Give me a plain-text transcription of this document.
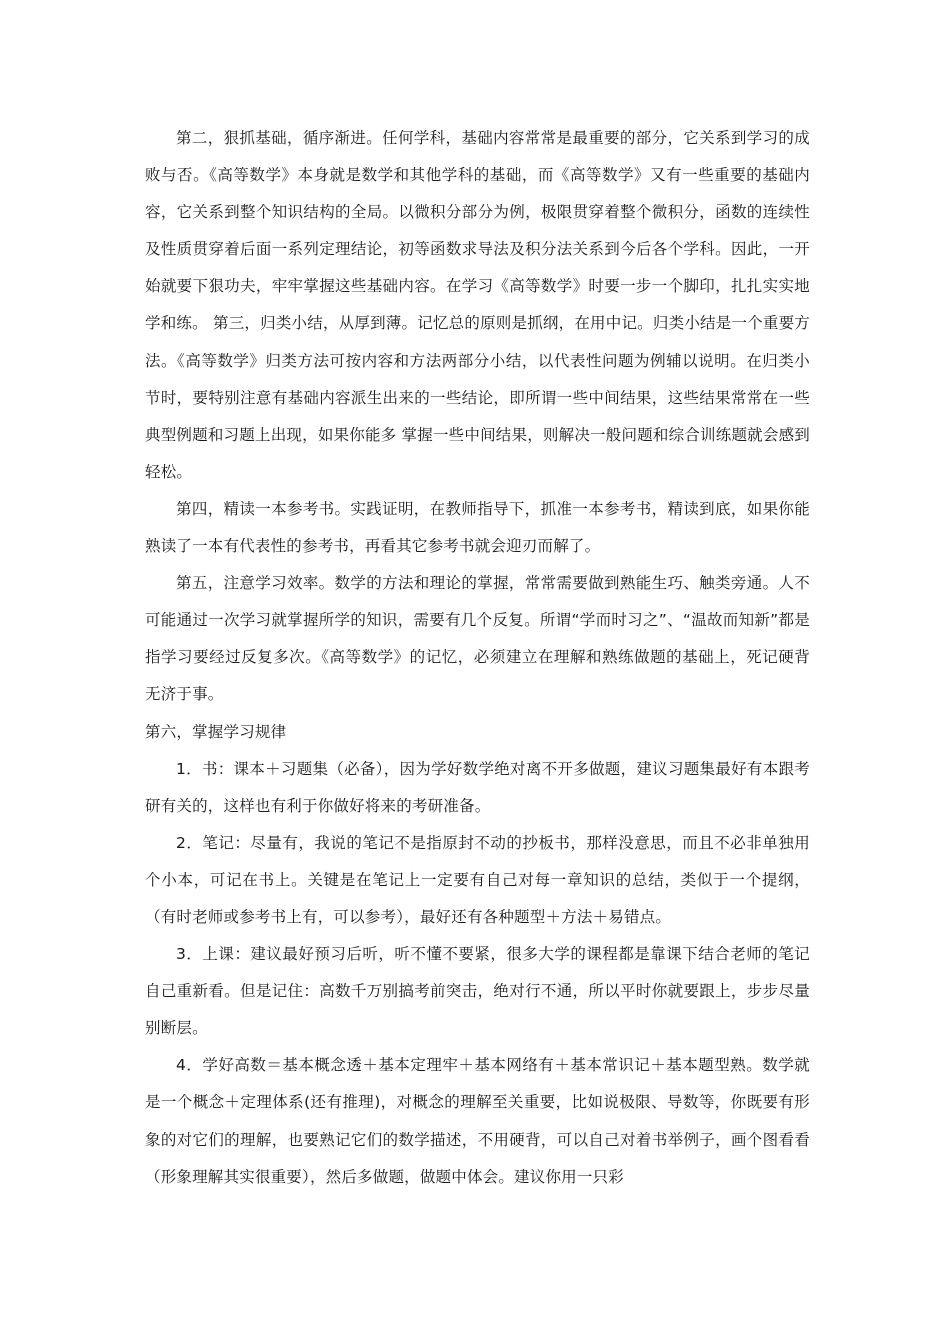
第二，狠抓基础，循序渐进。任何学科，基础内容常常是最重要的部分，它关系到学习的成败与否。《高等数学》本身就是数学和其他学科的基础，而《高等数学》又有一些重要的基础内容，它关系到整个知识结构的全局。以微积分部分为例，极限贯穿着整个微积分，函数的连续性及性质贯穿着后面一系列定理结论，初等函数求导法及积分法关系到今后各个学科。因此，一开始就要下狠功夫，牢牢掌握这些基础内容。在学习《高等数学》时要一步一个脚印，扎扎实实地学和练。 第三，归类小结，从厚到薄。记忆总的原则是抓纲，在用中记。归类小结是一个重要方法。《高等数学》归类方法可按内容和方法两部分小结，以代表性问题为例辅以说明。在归类小节时，要特别注意有基础内容派生出来的一些结论，即所谓一些中间结果，这些结果常常在一些典型例题和习题上出现，如果你能多 掌握一些中间结果，则解决一般问题和综合训练题就会感到轻松。

第四，精读一本参考书。实践证明，在教师指导下，抓准一本参考书，精读到底，如果你能熟读了一本有代表性的参考书，再看其它参考书就会迎刃而解了。

第五，注意学习效率。数学的方法和理论的掌握，常常需要做到熟能生巧、触类旁通。人不可能通过一次学习就掌握所学的知识，需要有几个反复。所谓“学而时习之”、“温故而知新”都是指学习要经过反复多次。《高等数学》的记忆，必须建立在理解和熟练做题的基础上，死记硬背无济于事。

第六，掌握学习规律

1．书：课本＋习题集（必备），因为学好数学绝对离不开多做题，建议习题集最好有本跟考研有关的，这样也有利于你做好将来的考研准备。

2．笔记：尽量有，我说的笔记不是指原封不动的抄板书，那样没意思，而且不必非单独用个小本，可记在书上。关键是在笔记上一定要有自己对每一章知识的总结，类似于一个提纲，（有时老师或参考书上有，可以参考），最好还有各种题型＋方法＋易错点。

3．上课：建议最好预习后听，听不懂不要紧，很多大学的课程都是靠课下结合老师的笔记自己重新看。但是记住：高数千万别搞考前突击，绝对行不通，所以平时你就要跟上，步步尽量别断层。

4．学好高数＝基本概念透＋基本定理牢＋基本网络有＋基本常识记＋基本题型熟。数学就是一个概念＋定理体系(还有推理)，对概念的理解至关重要，比如说极限、导数等，你既要有形象的对它们的理解，也要熟记它们的数学描述，不用硬背，可以自己对着书举例子，画个图看看（形象理解其实很重要），然后多做题，做题中体会。建议你用一只彩
